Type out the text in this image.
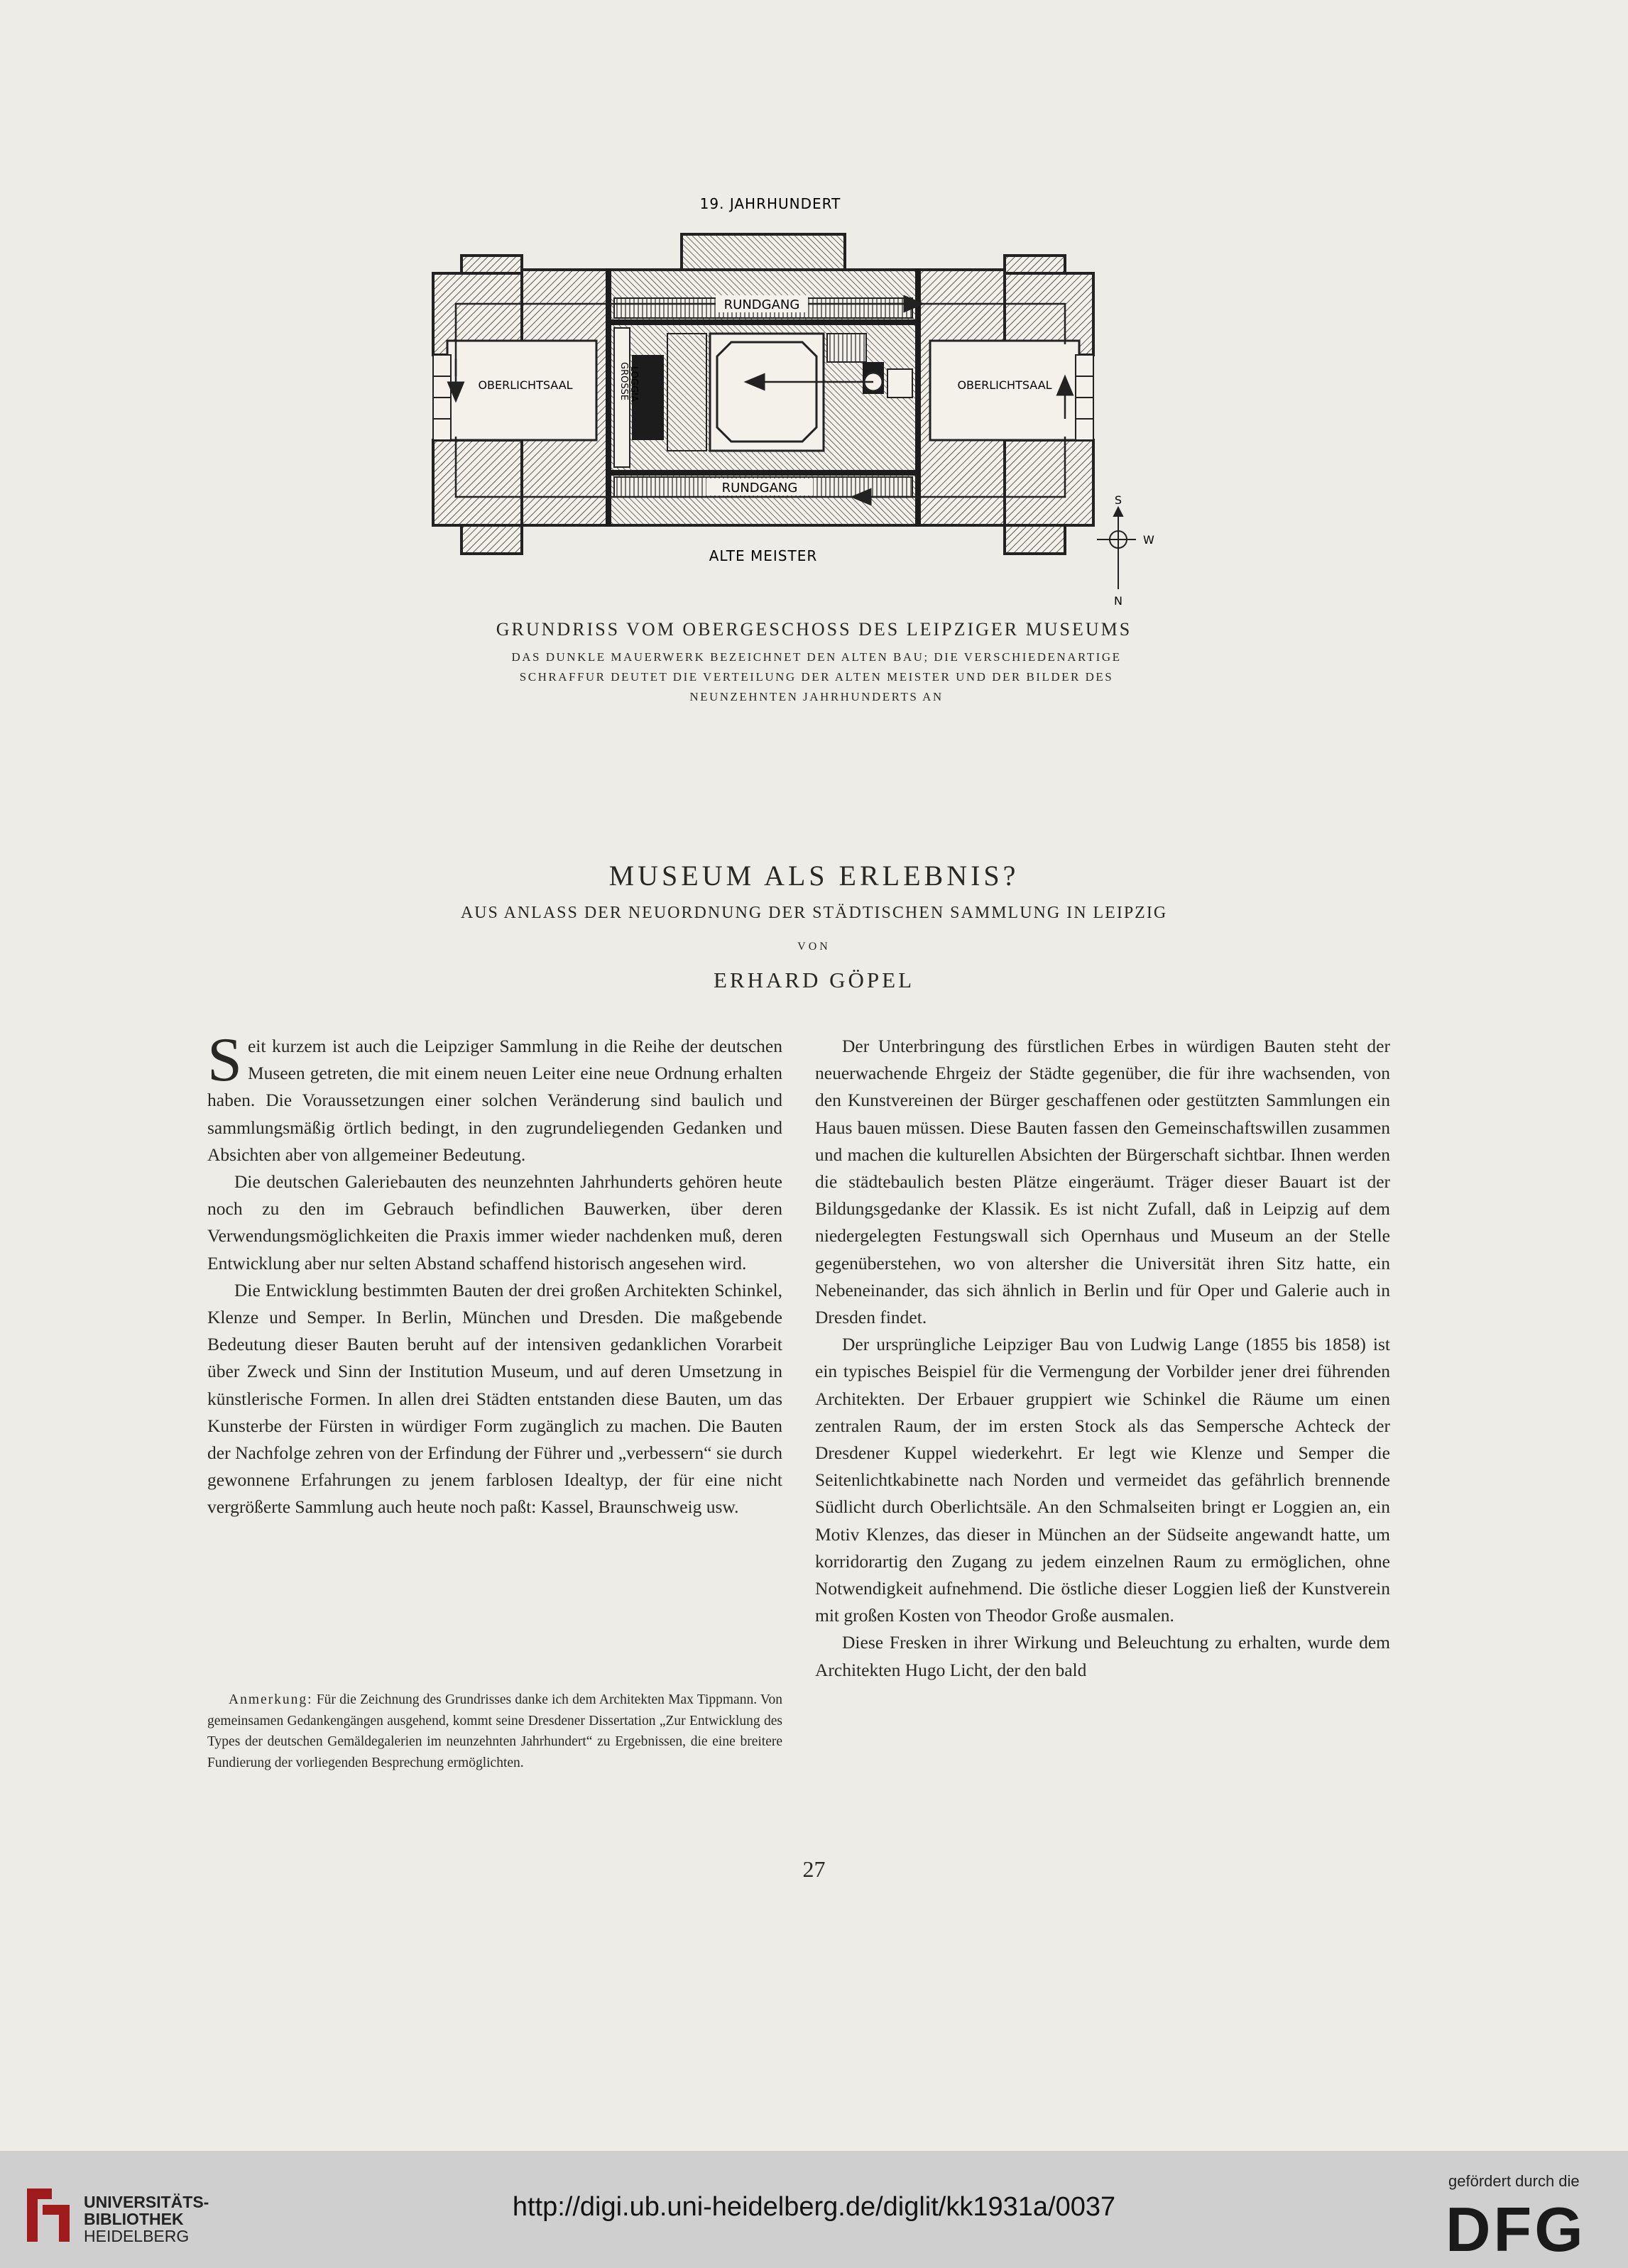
19. JAHRHUNDERT
RUNDGANG
RUNDGANG
OBERLICHTSAAL	OBERLICHTSAAL
GROSSE LOGGIA
ALTE MEISTER
S
W
N
GRUNDRISS VOM OBERGESCHOSS DES LEIPZIGER MUSEUMS
DAS DUNKLE MAUERWERK BEZEICHNET DEN ALTEN BAU; DIE VERSCHIEDENARTIGE
SCHRAFFUR DEUTET DIE VERTEILUNG DER ALTEN MEISTER UND DER BILDER DES
NEUNZEHNTEN JAHRHUNDERTS AN
MUSEUM ALS ERLEBNIS?
AUS ANLASS DER NEUORDNUNG DER STÄDTISCHEN SAMMLUNG IN LEIPZIG
VON
ERHARD GÖPEL

Seit kurzem ist auch die Leipziger Sammlung in die Reihe der deutschen Museen getreten, die mit einem neuen Leiter eine neue Ordnung erhalten haben. Die Voraussetzungen einer solchen Veränderung sind baulich und sammlungsmäßig örtlich bedingt, in den zugrundeliegenden Gedanken und Absichten aber von allgemeiner Bedeutung.

Die deutschen Galeriebauten des neunzehnten Jahrhunderts gehören heute noch zu den im Gebrauch befindlichen Bauwerken, über deren Verwendungsmöglichkeiten die Praxis immer wieder nachdenken muß, deren Entwicklung aber nur selten Abstand schaffend historisch angesehen wird.

Die Entwicklung bestimmten Bauten der drei großen Architekten Schinkel, Klenze und Semper. In Berlin, München und Dresden. Die maßgebende Bedeutung dieser Bauten beruht auf der intensiven gedanklichen Vorarbeit über Zweck und Sinn der Institution Museum, und auf deren Umsetzung in künstlerische Formen. In allen drei Städten entstanden diese Bauten, um das Kunsterbe der Fürsten in würdiger Form zugänglich zu machen. Die Bauten der Nachfolge zehren von der Erfindung der Führer und „verbessern“ sie durch gewonnene Erfahrungen zu jenem farblosen Idealtyp, der für eine nicht vergrößerte Sammlung auch heute noch paßt: Kassel, Braunschweig usw.

Anmerkung: Für die Zeichnung des Grundrisses danke ich dem Architekten Max Tippmann. Von gemeinsamen Gedankengängen ausgehend, kommt seine Dresdener Dissertation „Zur Entwicklung des Types der deutschen Gemäldegalerien im neunzehnten Jahrhundert“ zu Ergebnissen, die eine breitere Fundierung der vorliegenden Besprechung ermöglichten.

Der Unterbringung des fürstlichen Erbes in würdigen Bauten steht der neuerwachende Ehrgeiz der Städte gegenüber, die für ihre wachsenden, von den Kunstvereinen der Bürger geschaffenen oder gestützten Sammlungen ein Haus bauen müssen. Diese Bauten fassen den Gemeinschaftswillen zusammen und machen die kulturellen Absichten der Bürgerschaft sichtbar. Ihnen werden die städtebaulich besten Plätze eingeräumt. Träger dieser Bauart ist der Bildungsgedanke der Klassik. Es ist nicht Zufall, daß in Leipzig auf dem niedergelegten Festungswall sich Opernhaus und Museum an der Stelle gegenüberstehen, wo von altersher die Universität ihren Sitz hatte, ein Nebeneinander, das sich ähnlich in Berlin und für Oper und Galerie auch in Dresden findet.

Der ursprüngliche Leipziger Bau von Ludwig Lange (1855 bis 1858) ist ein typisches Beispiel für die Vermengung der Vorbilder jener drei führenden Architekten. Der Erbauer gruppiert wie Schinkel die Räume um einen zentralen Raum, der im ersten Stock als das Sempersche Achteck der Dresdener Kuppel wiederkehrt. Er legt wie Klenze und Semper die Seitenlichtkabinette nach Norden und vermeidet das gefährlich brennende Südlicht durch Oberlichtsäle. An den Schmalseiten bringt er Loggien an, ein Motiv Klenzes, das dieser in München an der Südseite angewandt hatte, um korridorartig den Zugang zu jedem einzelnen Raum zu ermöglichen, ohne Notwendigkeit aufnehmend. Die östliche dieser Loggien ließ der Kunstverein mit großen Kosten von Theodor Große ausmalen.

Diese Fresken in ihrer Wirkung und Beleuchtung zu erhalten, wurde dem Architekten Hugo Licht, der den bald

27
UNIVERSITÄTS-
BIBLIOTHEK
HEIDELBERG
http://digi.ub.uni-heidelberg.de/diglit/kk1931a/0037
gefördert durch die
DFG
